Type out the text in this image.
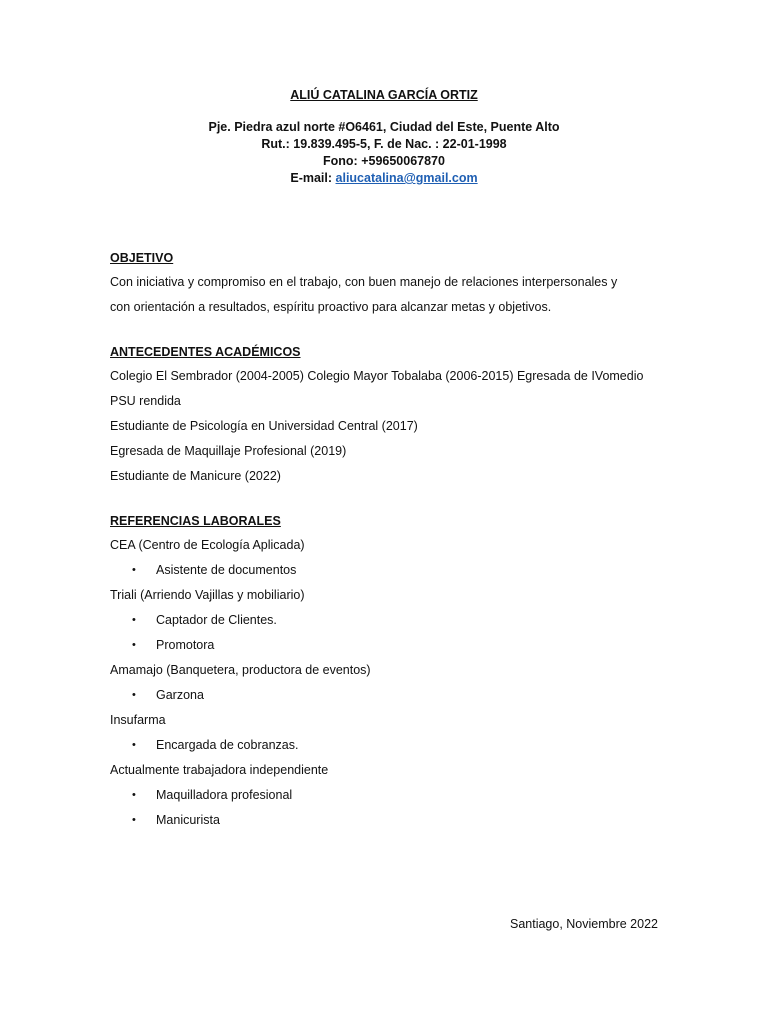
ALIÚ CATALINA GARCÍA ORTIZ
Pje. Piedra azul norte #O6461, Ciudad del Este, Puente Alto
Rut.: 19.839.495-5, F. de Nac. : 22-01-1998
Fono: +59650067870
E-mail: aliucatalina@gmail.com
OBJETIVO
Con iniciativa y compromiso en el trabajo, con buen manejo de relaciones interpersonales y
con orientación a resultados, espíritu proactivo para alcanzar metas y objetivos.
ANTECEDENTES ACADÉMICOS
Colegio El Sembrador (2004-2005) Colegio Mayor Tobalaba (2006-2015) Egresada de IVomedio
PSU rendida
Estudiante de Psicología en Universidad Central (2017)
Egresada de Maquillaje Profesional (2019)
Estudiante de Manicure (2022)
REFERENCIAS LABORALES
CEA (Centro de Ecología Aplicada)
• Asistente de documentos
Triali (Arriendo Vajillas y mobiliario)
• Captador de Clientes.
• Promotora
Amamajo (Banquetera, productora de eventos)
• Garzona
Insufarma
• Encargada de cobranzas.
Actualmente trabajadora independiente
• Maquilladora profesional
• Manicurista
Santiago, Noviembre 2022
